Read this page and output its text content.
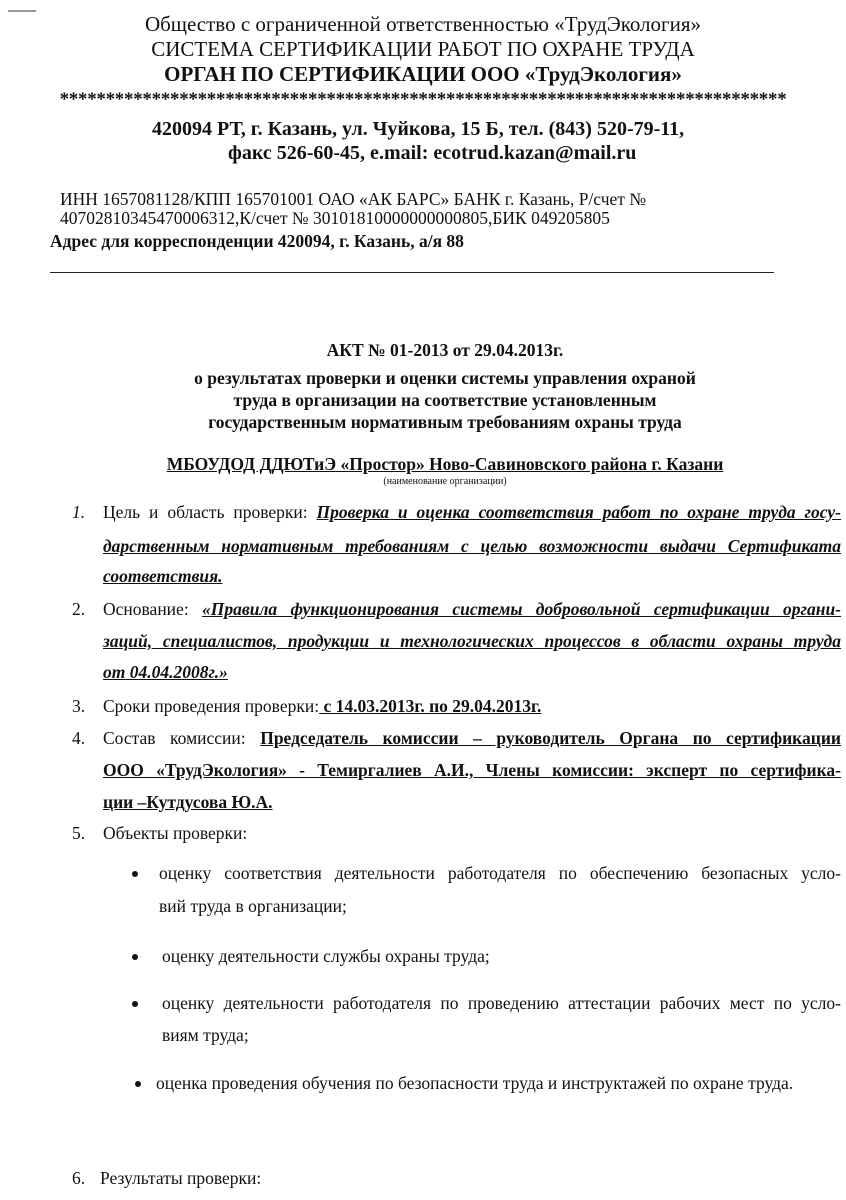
Общество с ограниченной ответственностью «ТрудЭкология»
СИСТЕМА СЕРТИФИКАЦИИ РАБОТ ПО ОХРАНЕ ТРУДА
ОРГАН ПО СЕРТИФИКАЦИИ ООО «ТрудЭкология»
*******************************************************************************
420094 РТ, г. Казань, ул. Чуйкова, 15 Б, тел. (843) 520-79-11,
факс 526-60-45, e.mail: ecotrud.kazan@mail.ru
ИНН 1657081128/КПП 165701001 ОАО «АК БАРС» БАНК г. Казань, Р/счет №
40702810345470006312,К/счет № 30101810000000000805,БИК 049205805
Адрес для корреспонденции 420094, г. Казань, а/я 88
АКТ № 01-2013 от 29.04.2013г.
о результатах проверки и оценки системы управления охраной
труда в организации на соответствие установленным
государственным нормативным требованиям охраны труда
МБОУДОД ДДЮТиЭ «Простор» Ново-Савиновского района г. Казани
(наименование организации)
1. Цель и область проверки: Проверка и оценка соответствия работ по охране труда госу-
дарственным нормативным требованиям с целью возможности выдачи Сертификата
соответствия.
2. Основание: «Правила функционирования системы добровольной сертификации органи-
заций, специалистов, продукции и технологических процессов в области охраны труда
от 04.04.2008г.»
3. Сроки проведения проверки: с 14.03.2013г. по 29.04.2013г.
4. Состав комиссии: Председатель комиссии – руководитель Органа по сертификации
ООО «ТрудЭкология» - Темиргалиев А.И., Члены комиссии: эксперт по сертифика-
ции –Кутдусова Ю.А.
5. Объекты проверки:
оценку соответствия деятельности работодателя по обеспечению безопасных усло-
вий труда в организации;
оценку деятельности службы охраны труда;
оценку деятельности работодателя по проведению аттестации рабочих мест по усло-
виям труда;
оценка проведения обучения по безопасности труда и инструктажей по охране труда.
6. Результаты проверки:
